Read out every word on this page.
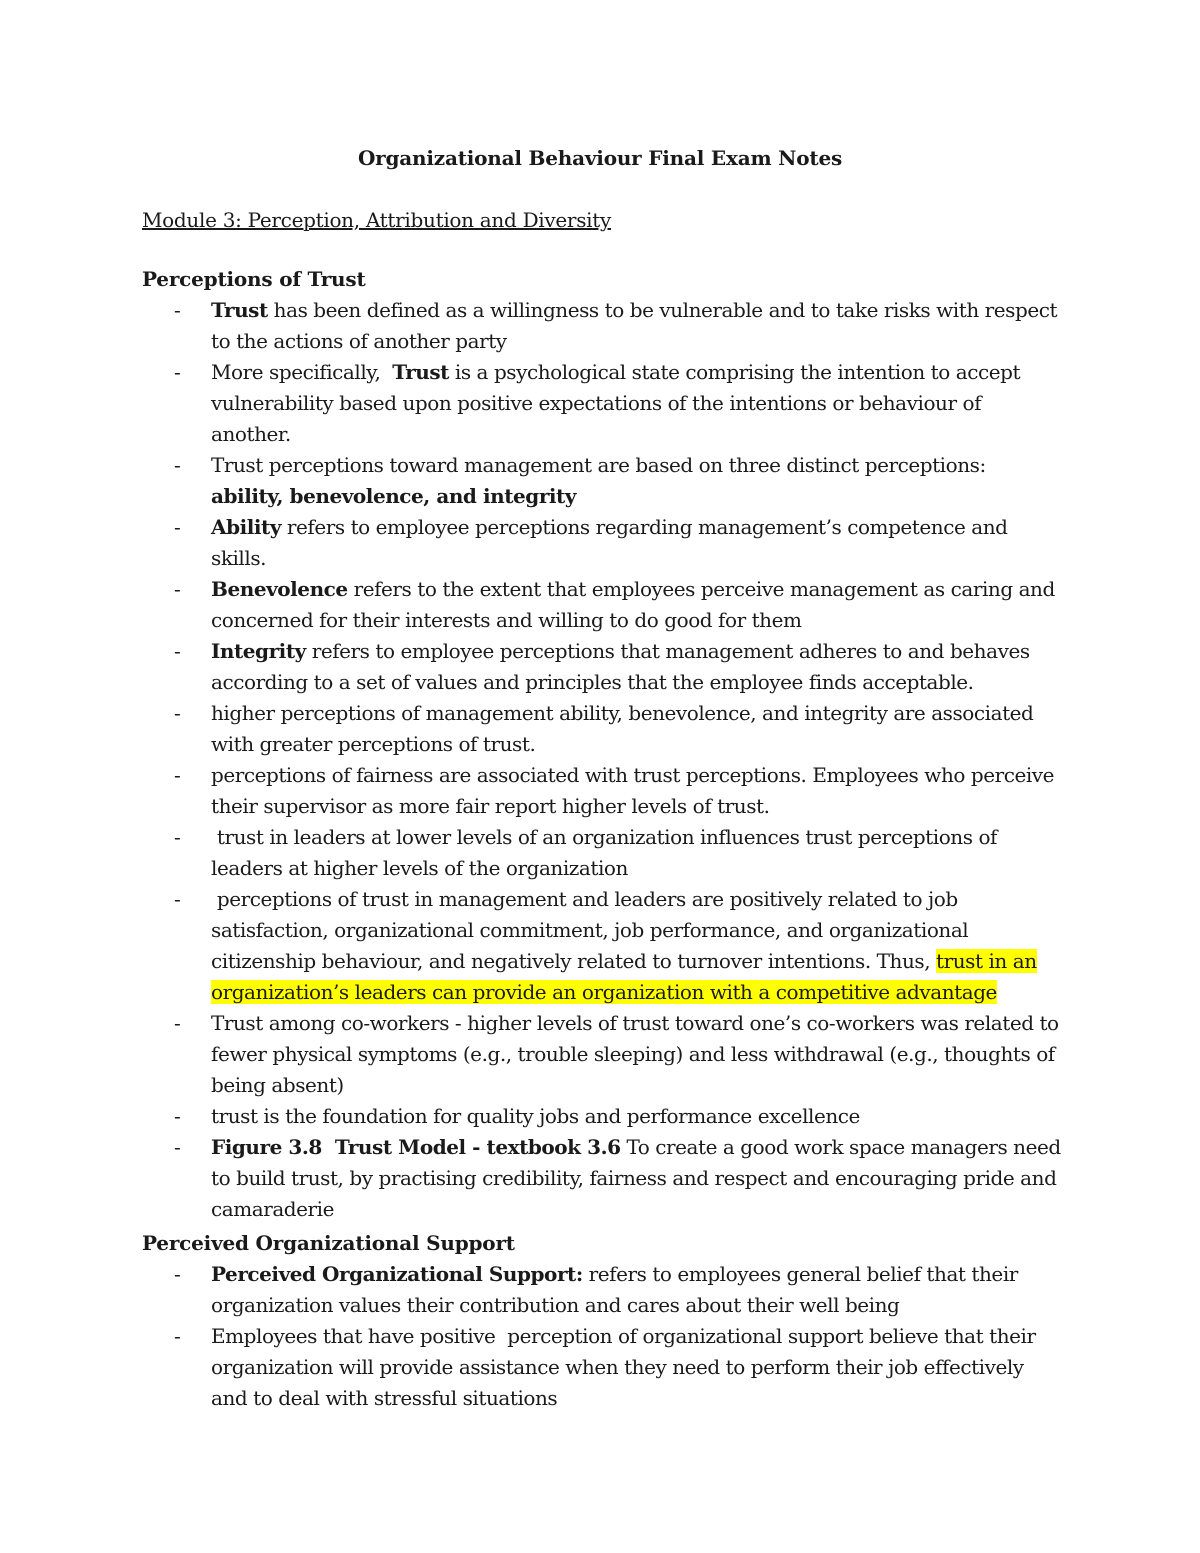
Organizational Behaviour Final Exam Notes
Module 3: Perception, Attribution and Diversity

Perceptions of Trust

- Trust has been defined as a willingness to be vulnerable and to take risks with respect to the actions of another party
- More specifically,  Trust is a psychological state comprising the intention to accept vulnerability based upon positive expectations of the intentions or behaviour of another.
- Trust perceptions toward management are based on three distinct perceptions: ability, benevolence, and integrity
- Ability refers to employee perceptions regarding management’s competence and skills.
- Benevolence refers to the extent that employees perceive management as caring and concerned for their interests and willing to do good for them
- Integrity refers to employee perceptions that management adheres to and behaves according to a set of values and principles that the employee finds acceptable.
- higher perceptions of management ability, benevolence, and integrity are associated with greater perceptions of trust.
- perceptions of fairness are associated with trust perceptions. Employees who perceive their supervisor as more fair report higher levels of trust.
- trust in leaders at lower levels of an organization influences trust perceptions of leaders at higher levels of the organization
- perceptions of trust in management and leaders are positively related to job satisfaction, organizational commitment, job performance, and organizational citizenship behaviour, and negatively related to turnover intentions. Thus, trust in an organization’s leaders can provide an organization with a competitive advantage
- Trust among co-workers - higher levels of trust toward one’s co-workers was related to fewer physical symptoms (e.g., trouble sleeping) and less withdrawal (e.g., thoughts of being absent)
- trust is the foundation for quality jobs and performance excellence
- Figure 3.8  Trust Model - textbook 3.6 To create a good work space managers need to build trust, by practising credibility, fairness and respect and encouraging pride and camaraderie

Perceived Organizational Support

- Perceived Organizational Support: refers to employees general belief that their organization values their contribution and cares about their well being
- Employees that have positive  perception of organizational support believe that their organization will provide assistance when they need to perform their job effectively and to deal with stressful situations
